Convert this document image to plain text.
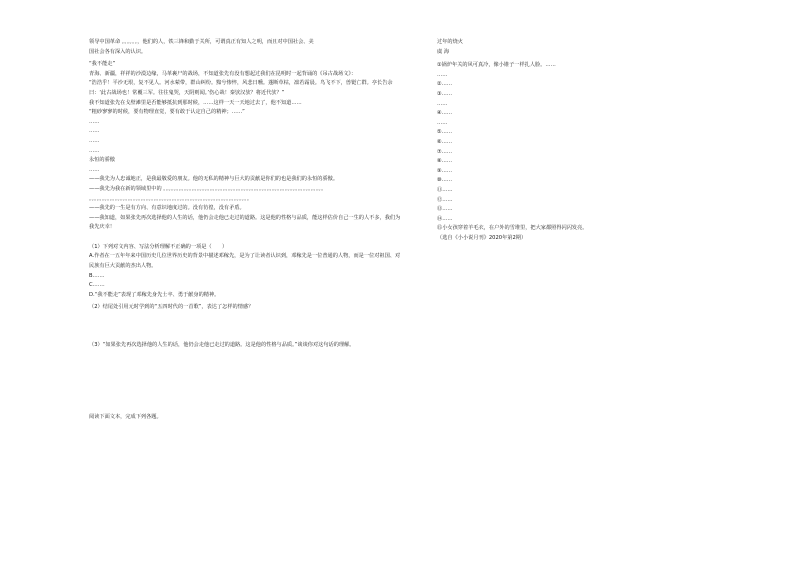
领导中国革命 。。。。。。，他们的人，铁三锋和勤于关所，可谓真正有知人之明，而且对中国社会、美

国社会各有深入的认识。

“我不能走”

青海、新疆，祥祥的沙漠边缘，马革裹尸的战场，不知道张先有没有想起过我们在昆明时一起背诵的《吊古战场文》：

“浩浩乎！平沙无垠，复不见人。河水萦带，群山纠纷。黯兮惨悴，风悲日曛。蓬断草枯，凛若霜晨。鸟飞不下，兽铤亡群。亭长告余曰：‘此古战场也！常覆三军。往往鬼哭，天阴则闻。’伤心哉！秦欤汉欤？将近代欤？”

我不知道张先在戈壁滩里是否能够抵抗到那时候，……这样一天一天地过去了，他不知道……

“粗砂寥寥的时候，要有物理直觉，要有敢于认定自己的精神；……”

……

……

……

……

永恒的骄傲

……

——我先为人忠诚地正，是我最敬爱的朋友。他的无私的精神与巨大的贡献是你们的也是我们的永恒的骄傲。

——我先为我在新的领域里中的 。。。。。。。。。。。。。。。。。。。。。。。。。。。。。。。。。。。。。。。。。。。。。。。。。。。。。。。。。。。。。。

。。。。。。。。。。。。。。。。。。。。。。。。。。。。。。。。。。。。。。。。。。。。。。。。。。。。。。。。。。。。。。

——我先的一生是有方向、有意识地度过的。没有彷徨，没有矛盾。

——我知道，如果张先再次选择他的人生的话，他仍会走他已走过的道路。这是他的性格与品质，能这样估价自己一生的人不多，我们为我先庆幸！

（1）下列对文内容、写法分析理解不正确的一项是（　　）

A.作者在一五年年来中国历史几位世界历史的背景中描述邓稼先，是为了让读者认识到，邓稼先是一位普通的人物，而是一位对祖国、对民族有巨大贡献的杰出人物。

B.……

C.……

D.“我不能走”表现了邓稼先身先士卒、勇于献身的精神。

（2）结尾处引用元时学到的“五四时代的一首歌”，表达了怎样的情感？

（3）“如果张先再次选择他的人生的话，他仍会走他已走过的道路。这是他的性格与品质。”谈谈你对这句话的理解。

阅读下面文本，完成下列各题。

过年的烧火

虞 海

①锅炉年关的风可真冷，像小锥子一样扎人脸。……

……

②……

③……

……

④……

……

⑤……

⑥……

⑦……

⑧……

⑨……

⑩……

⑪……

⑫……

⑬……

⑭……

⑮小女孩穿着羊毛衣，在户外的雪堆里，把大家都照得闪闪发亮。

（选自《小小说月刊》2020年第2期）
